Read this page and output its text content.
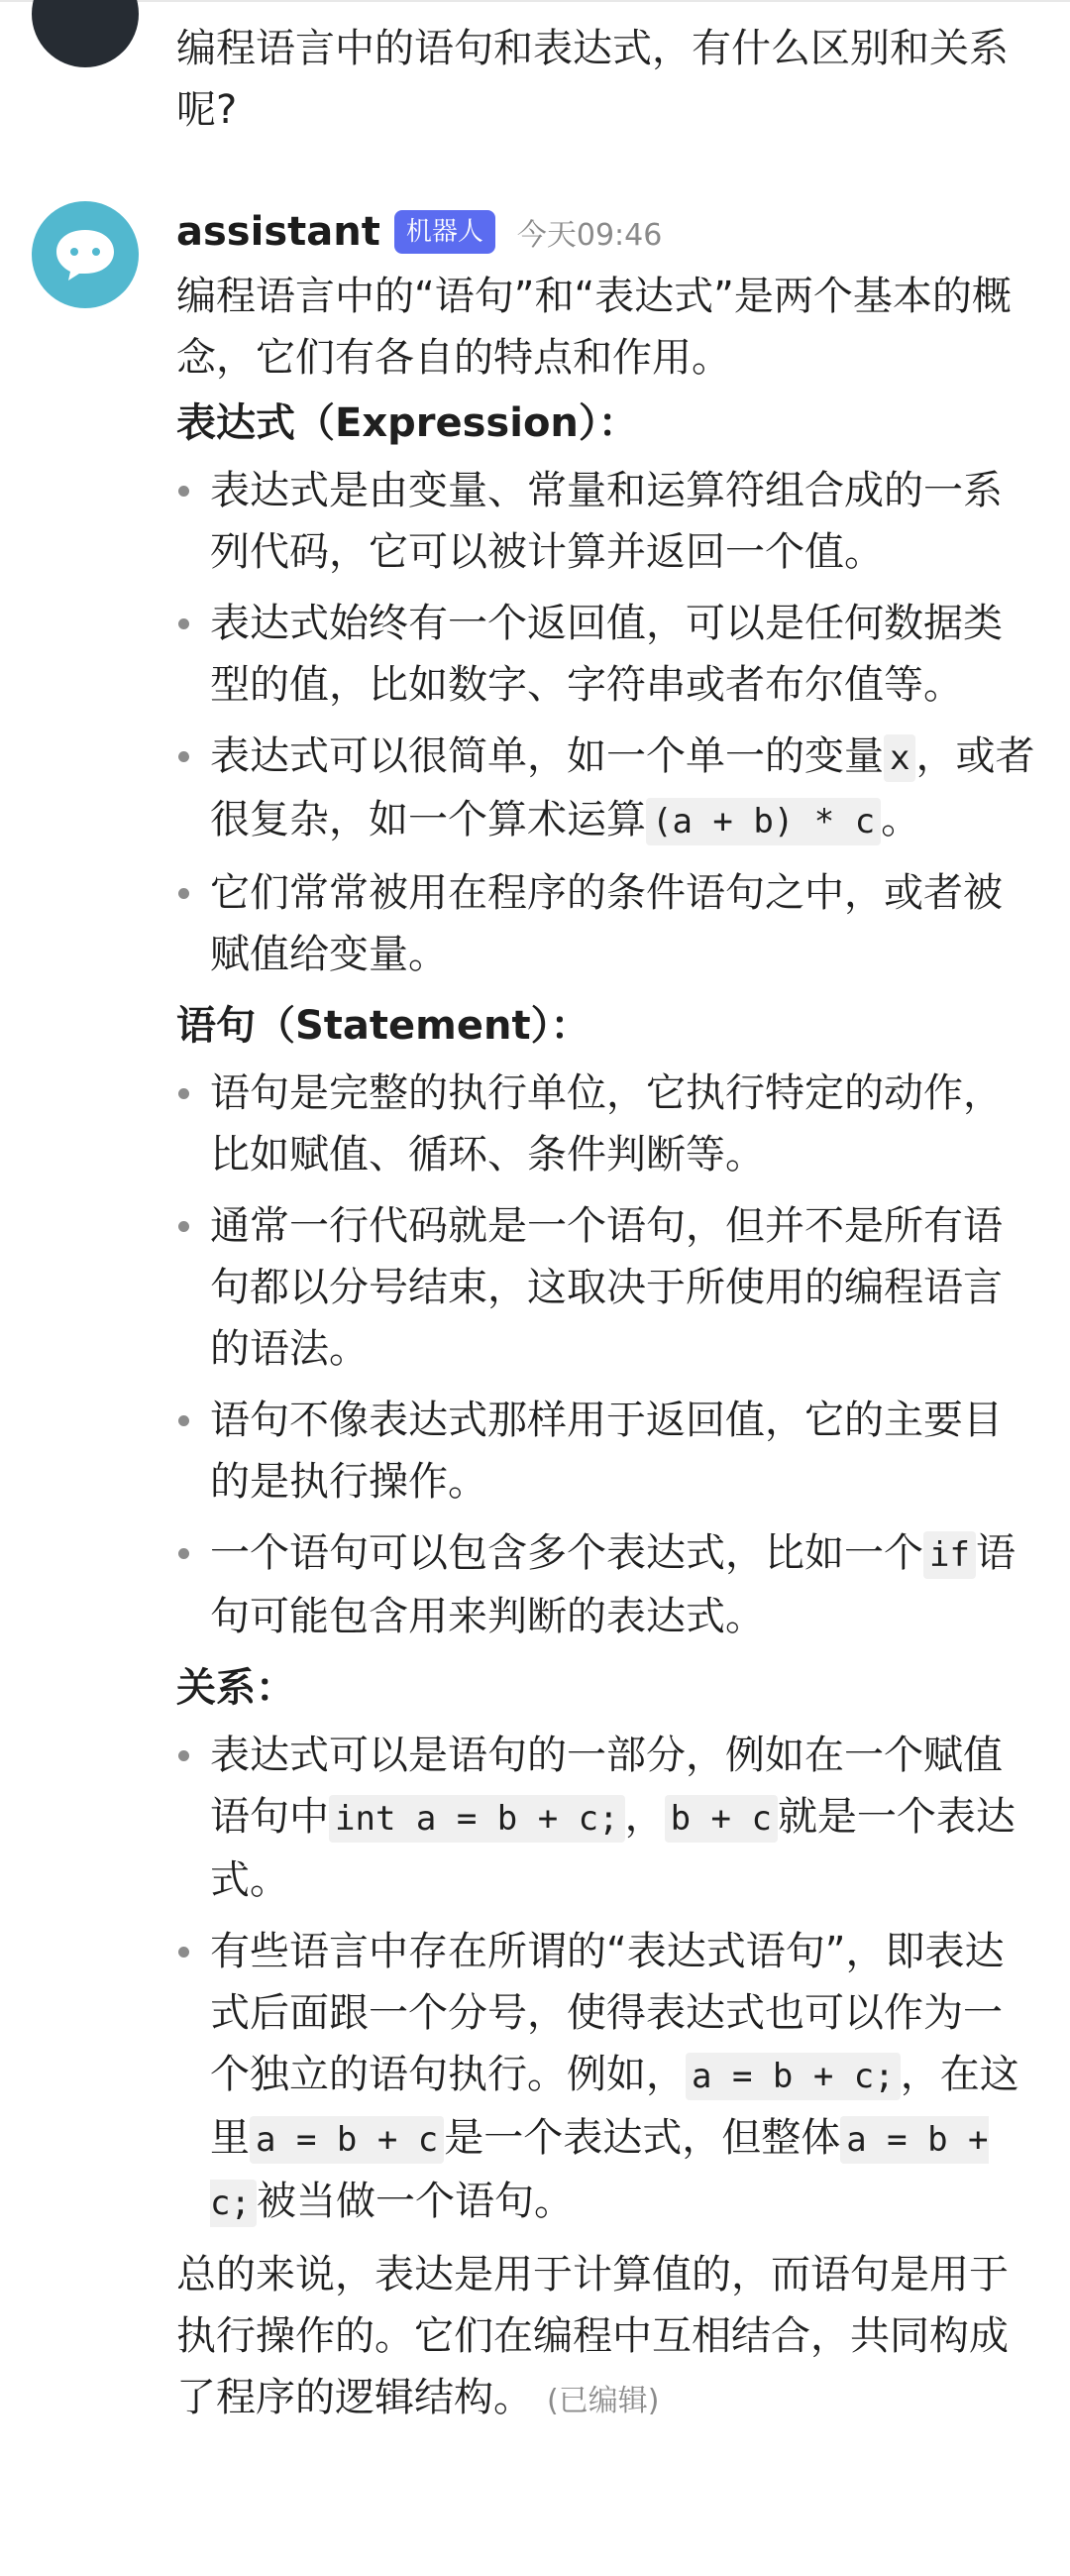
编程语言中的语句和表达式，有什么区别和关系呢?
assistant	机器人	今天09:46

编程语言中的“语句”和“表达式”是两个基本的概念，它们有各自的特点和作用。

表达式（Expression）：
表达式是由变量、常量和运算符组合成的一系列代码，它可以被计算并返回一个值。
表达式始终有一个返回值，可以是任何数据类型的值，比如数字、字符串或者布尔值等。
表达式可以很简单，如一个单一的变量 x ，或者很复杂，如一个算术运算 (a + b) * c 。
它们常常被用在程序的条件语句之中，或者被赋值给变量。
语句（Statement）：
语句是完整的执行单位，它执行特定的动作，比如赋值、循环、条件判断等。
通常一行代码就是一个语句，但并不是所有语句都以分号结束，这取决于所使用的编程语言的语法。
语句不像表达式那样用于返回值，它的主要目的是执行操作。
一个语句可以包含多个表达式，比如一个 if 语句可能包含用来判断的表达式。
关系：
表达式可以是语句的一部分，例如在一个赋值语句中 int a = b + c; ， b + c 就是一个表达式。
有些语言中存在所谓的“表达式语句”，即表达式后面跟一个分号，使得表达式也可以作为一个独立的语句执行。例如， a = b + c; ，在这里 a = b + c 是一个表达式，但整体 a = b + c; 被当做一个语句。

总的来说，表达是用于计算值的，而语句是用于执行操作的。它们在编程中互相结合，共同构成了程序的逻辑结构。 (已编辑)
